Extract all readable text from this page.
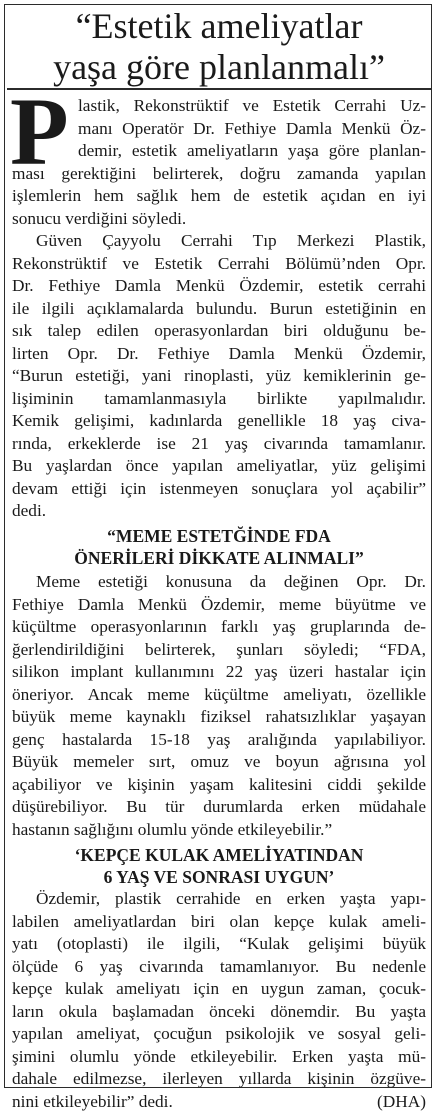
“Estetik ameliyatlar
yaşa göre planlanmalı”
P lastik, Rekonstrüktif ve Estetik Cerrahi Uz-
manı Operatör Dr. Fethiye Damla Menkü Öz-
demir, estetik ameliyatların yaşa göre planlan-
ması gerektiğini belirterek, doğru zamanda yapılan
işlemlerin hem sağlık hem de estetik açıdan en iyi
sonucu verdiğini söyledi.
Güven Çayyolu Cerrahi Tıp Merkezi Plastik,
Rekonstrüktif ve Estetik Cerrahi Bölümü’nden Opr.
Dr. Fethiye Damla Menkü Özdemir, estetik cerrahi
ile ilgili açıklamalarda bulundu. Burun estetiğinin en
sık talep edilen operasyonlardan biri olduğunu be-
lirten Opr. Dr. Fethiye Damla Menkü Özdemir,
“Burun estetiği, yani rinoplasti, yüz kemiklerinin ge-
lişiminin tamamlanmasıyla birlikte yapılmalıdır.
Kemik gelişimi, kadınlarda genellikle 18 yaş civa-
rında, erkeklerde ise 21 yaş civarında tamamlanır.
Bu yaşlardan önce yapılan ameliyatlar, yüz gelişimi
devam ettiği için istenmeyen sonuçlara yol açabilir”
dedi.
“MEME ESTETĞİNDE FDA
ÖNERİLERİ DİKKATE ALINMALI”
Meme estetiği konusuna da değinen Opr. Dr.
Fethiye Damla Menkü Özdemir, meme büyütme ve
küçültme operasyonlarının farklı yaş gruplarında de-
ğerlendirildiğini belirterek, şunları söyledi; “FDA,
silikon implant kullanımını 22 yaş üzeri hastalar için
öneriyor. Ancak meme küçültme ameliyatı, özellikle
büyük meme kaynaklı fiziksel rahatsızlıklar yaşayan
genç hastalarda 15-18 yaş aralığında yapılabiliyor.
Büyük memeler sırt, omuz ve boyun ağrısına yol
açabiliyor ve kişinin yaşam kalitesini ciddi şekilde
düşürebiliyor. Bu tür durumlarda erken müdahale
hastanın sağlığını olumlu yönde etkileyebilir.”
‘KEPÇE KULAK AMELİYATINDAN
6 YAŞ VE SONRASI UYGUN’
Özdemir, plastik cerrahide en erken yaşta yapı-
labilen ameliyatlardan biri olan kepçe kulak ameli-
yatı (otoplasti) ile ilgili, “Kulak gelişimi büyük
ölçüde 6 yaş civarında tamamlanıyor. Bu nedenle
kepçe kulak ameliyatı için en uygun zaman, çocuk-
ların okula başlamadan önceki dönemdir. Bu yaşta
yapılan ameliyat, çocuğun psikolojik ve sosyal geli-
şimini olumlu yönde etkileyebilir. Erken yaşta mü-
dahale edilmezse, ilerleyen yıllarda kişinin özgüve-
nini etkileyebilir” dedi.	(DHA)
